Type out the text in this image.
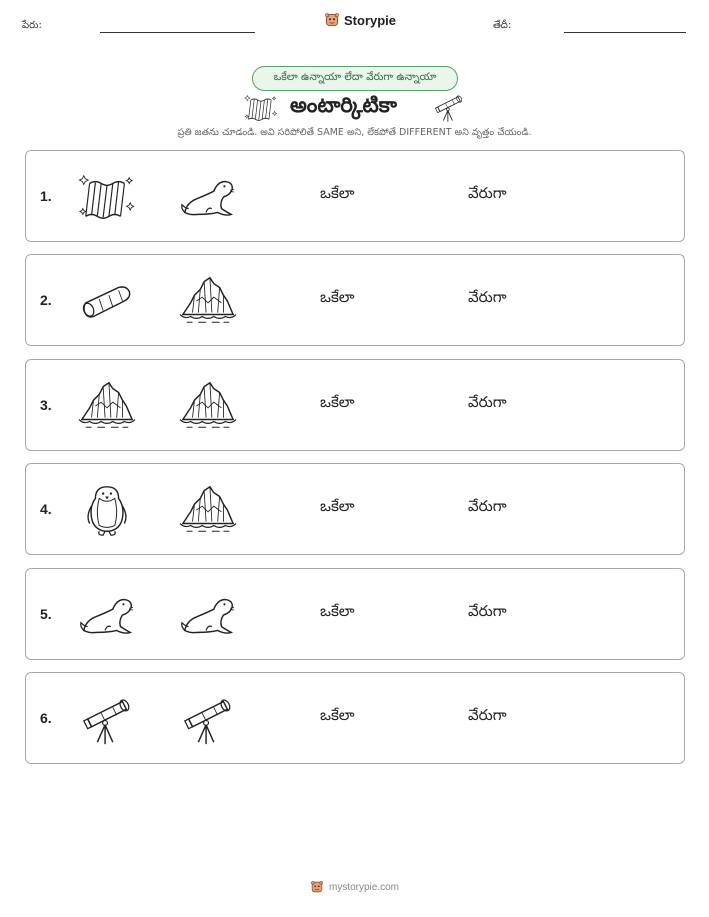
పేరు:	Storypie	తేదీ:
ఒకేలా ఉన్నాయా లేదా వేరుగా ఉన్నాయా
అంటార్కిటికా
ప్రతి జతను చూడండి. అవి సరిపోలితే SAME అని, లేకపోతే DIFFERENT అని వృత్తం చేయండి.
1.	ఒకేలా	వేరుగా
2.	ఒకేలా	వేరుగా
3.	ఒకేలా	వేరుగా
4.	ఒకేలా	వేరుగా
5.	ఒకేలా	వేరుగా
6.	ఒకేలా	వేరుగా
mystorypie.com
